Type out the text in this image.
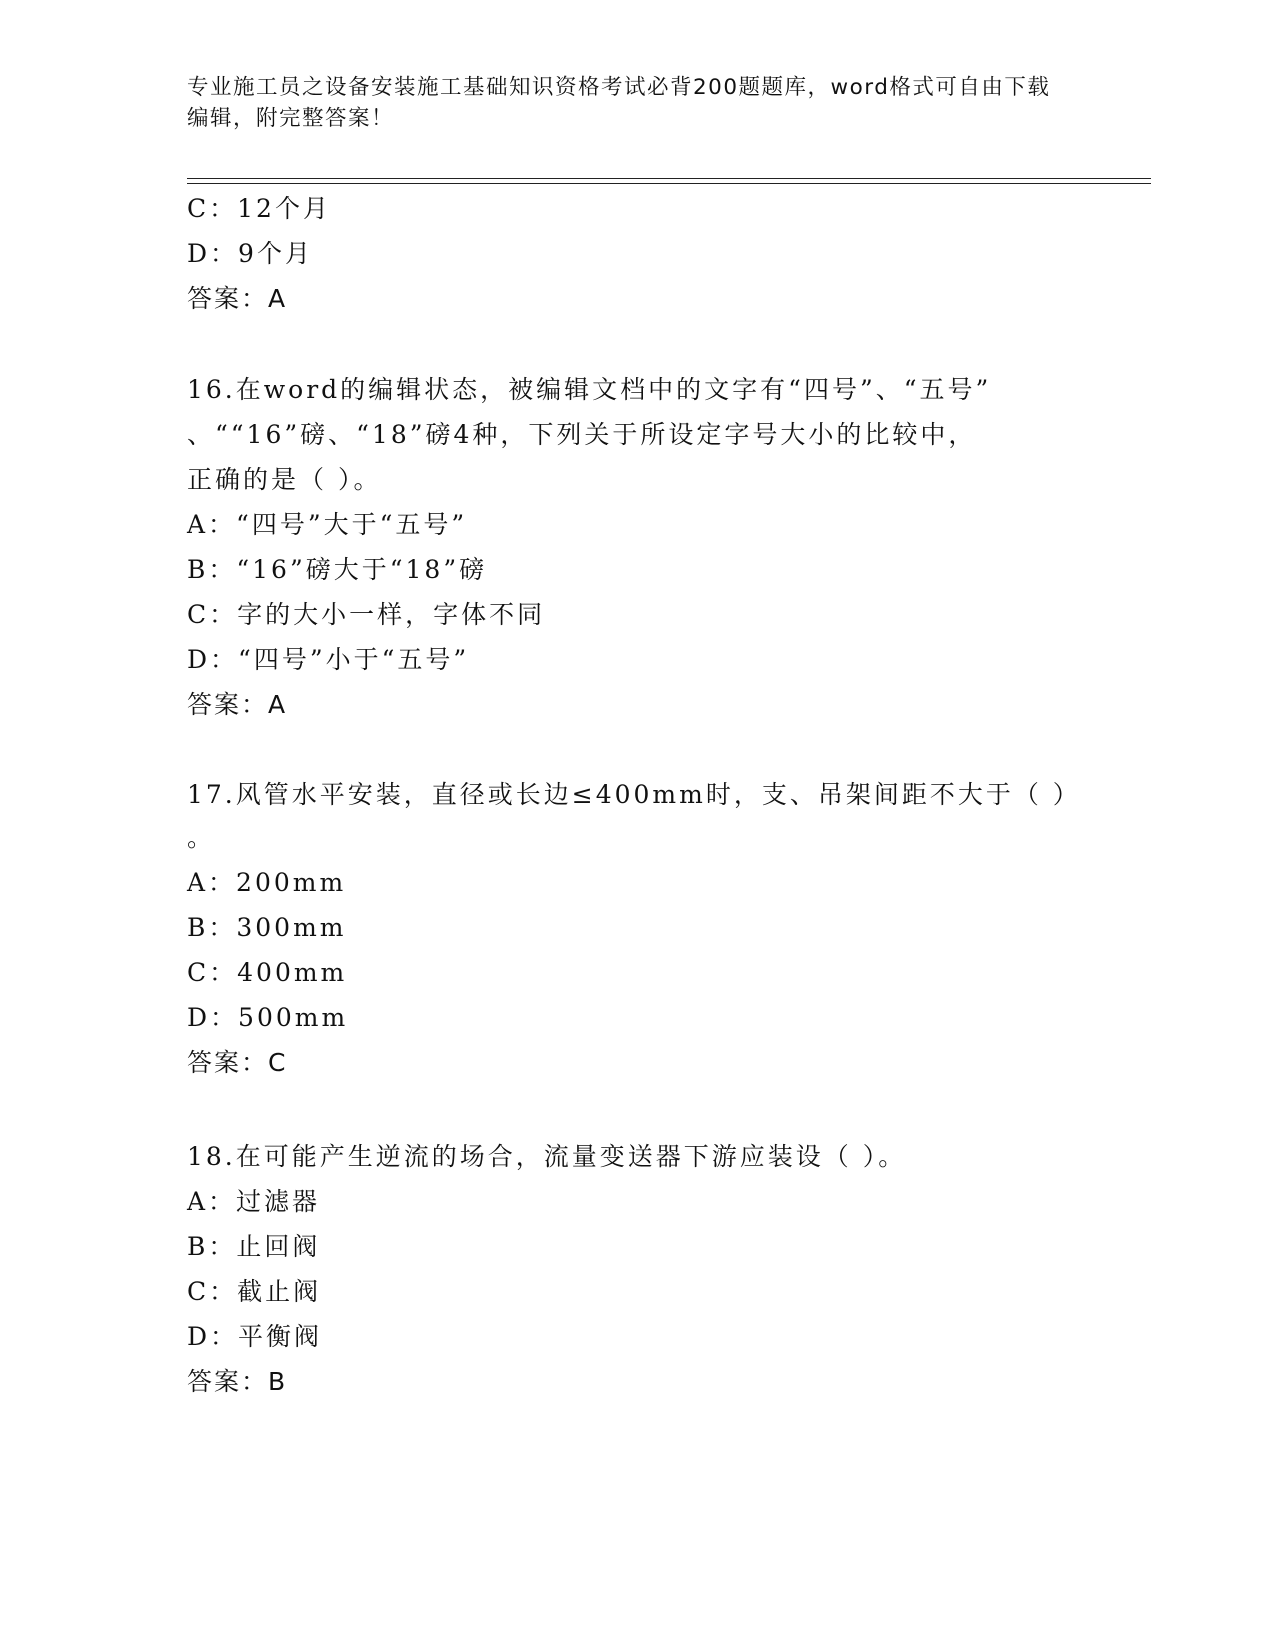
专业施工员之设备安装施工基础知识资格考试必背200题题库，word格式可自由下载编辑，附完整答案！
C：12个月
D：9个月
答案：A
16.在word的编辑状态，被编辑文档中的文字有“四号”、“五号”
、““16”磅、“18”磅4种，下列关于所设定字号大小的比较中，
正确的是（ ）。
A：“四号”大于“五号”
B：“16”磅大于“18”磅
C：字的大小一样，字体不同
D：“四号”小于“五号”
答案：A
17.风管水平安装，直径或长边≤400mm时，支、吊架间距不大于（ ）
。
A：200mm
B：300mm
C：400mm
D：500mm
答案：C
18.在可能产生逆流的场合，流量变送器下游应装设（ ）。
A：过滤器
B：止回阀
C：截止阀
D：平衡阀
答案：B
